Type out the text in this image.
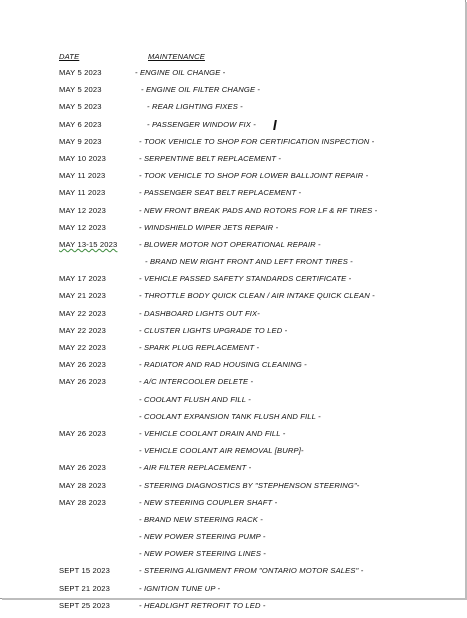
DATE	MAINTENANCE
MAY 5 2023	- ENGINE OIL CHANGE -
MAY 5 2023	- ENGINE OIL FILTER CHANGE -
MAY 5 2023	- REAR LIGHTING FIXES -
MAY 6 2023	- PASSENGER WINDOW FIX -
MAY 9 2023	- TOOK VEHICLE TO SHOP FOR CERTIFICATION INSPECTION -
MAY 10 2023	- SERPENTINE BELT REPLACEMENT -
MAY 11 2023	- TOOK VEHICLE TO SHOP FOR LOWER BALLJOINT REPAIR -
MAY 11 2023	- PASSENGER SEAT BELT REPLACEMENT -
MAY 12 2023	- NEW FRONT BREAK PADS AND ROTORS FOR LF & RF TIRES -
MAY 12 2023	- WINDSHIELD WIPER JETS REPAIR -
MAY 13-15 2023	- BLOWER MOTOR NOT OPERATIONAL REPAIR -
- BRAND NEW RIGHT FRONT AND LEFT FRONT TIRES -
MAY 17 2023	- VEHICLE PASSED SAFETY STANDARDS CERTIFICATE -
MAY 21 2023	- THROTTLE BODY QUICK CLEAN / AIR INTAKE QUICK CLEAN -
MAY 22 2023	- DASHBOARD LIGHTS OUT FIX-
MAY 22 2023	- CLUSTER LIGHTS UPGRADE TO LED -
MAY 22 2023	- SPARK PLUG REPLACEMENT -
MAY 26 2023	- RADIATOR AND RAD HOUSING CLEANING -
MAY 26 2023	- A/C INTERCOOLER DELETE -
- COOLANT FLUSH AND FILL -
- COOLANT EXPANSION TANK FLUSH AND FILL -
MAY 26 2023	- VEHICLE COOLANT DRAIN AND FILL -
- VEHICLE COOLANT AIR REMOVAL [BURP]-
MAY 26 2023	- AIR FILTER REPLACEMENT -
MAY 28 2023	- STEERING DIAGNOSTICS BY "STEPHENSON STEERING"-
MAY 28 2023	- NEW STEERING COUPLER SHAFT -
- BRAND NEW STEERING RACK -
- NEW POWER STEERING PUMP -
- NEW POWER STEERING LINES -
SEPT 15 2023	- STEERING ALIGNMENT FROM "ONTARIO MOTOR SALES" -
SEPT 21 2023	- IGNITION TUNE UP -
SEPT 25 2023	- HEADLIGHT RETROFIT TO LED -
